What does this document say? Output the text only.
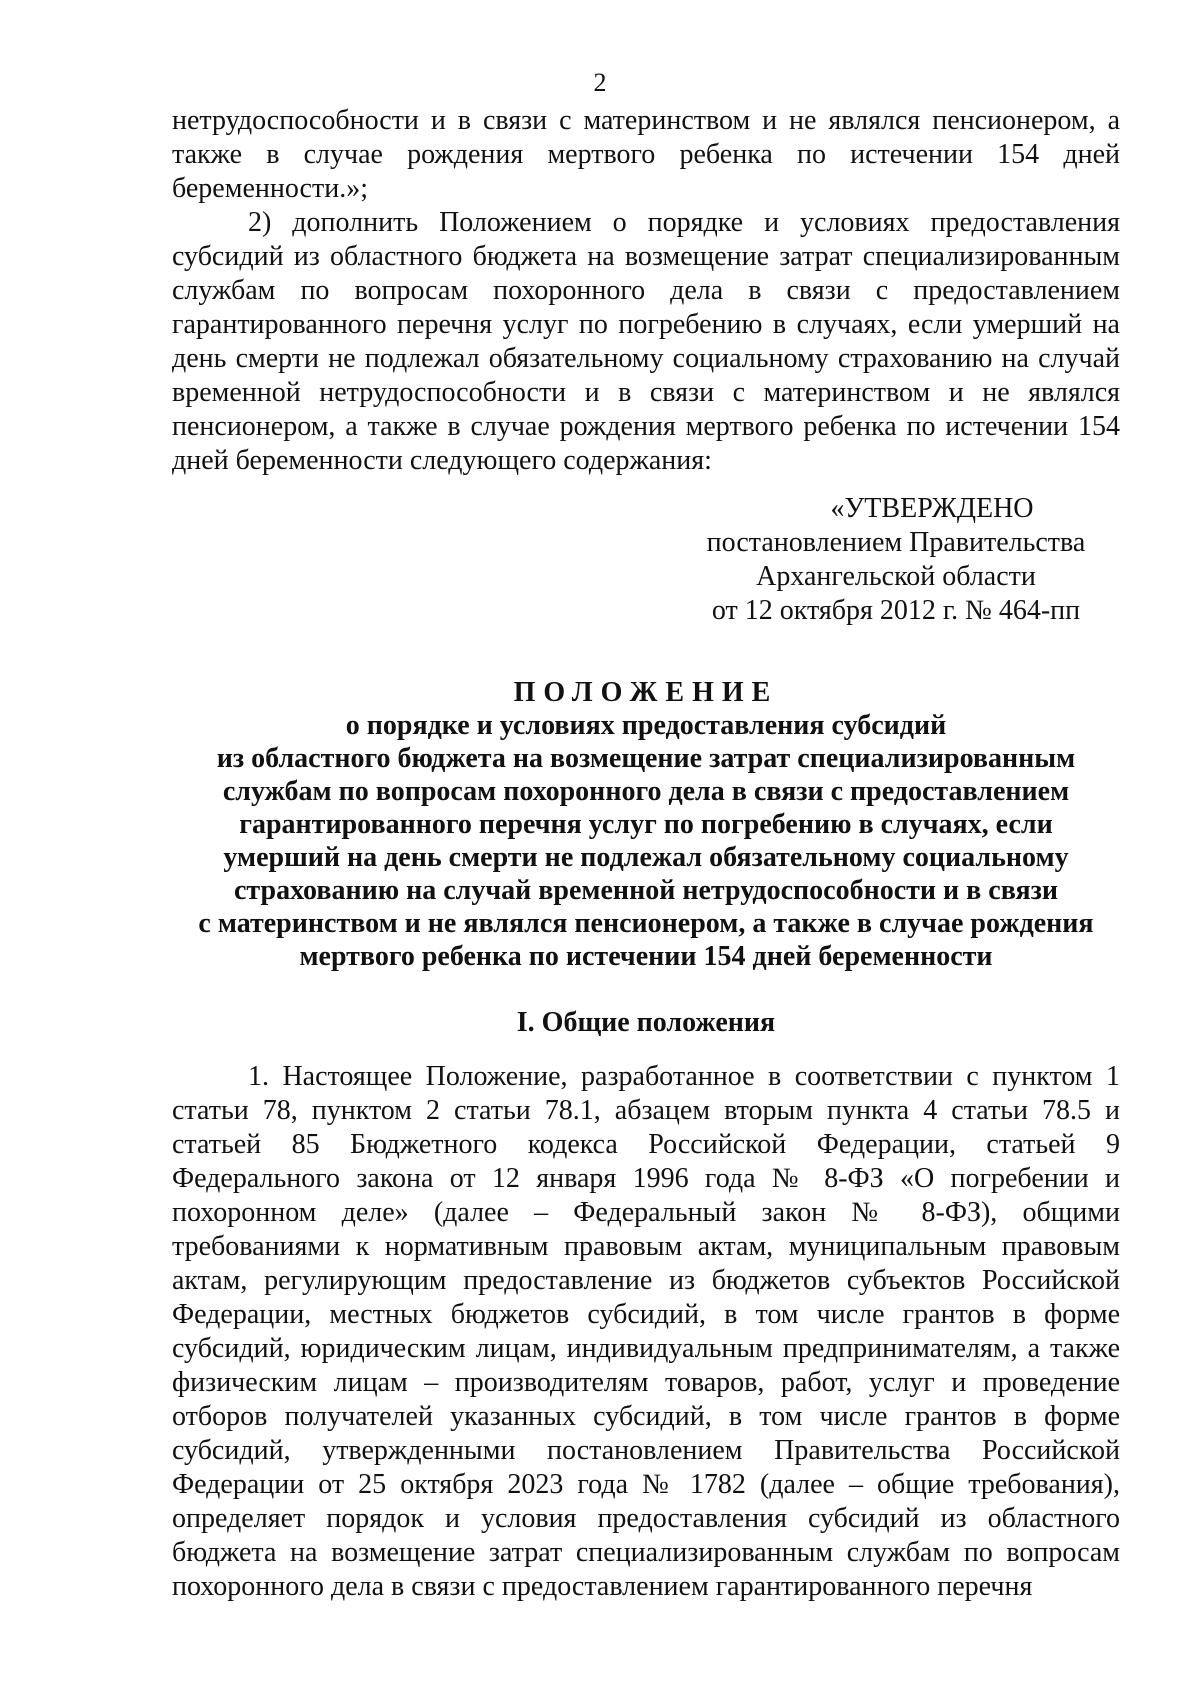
2

нетрудоспособности и в связи с материнством и не являлся пенсионером, а также в случае рождения мертвого ребенка по истечении 154 дней беременности.»;

2) дополнить Положением о порядке и условиях предоставления субсидий из областного бюджета на возмещение затрат специализированным службам по вопросам похоронного дела в связи с предоставлением гарантированного перечня услуг по погребению в случаях, если умерший на день смерти не подлежал обязательному социальному страхованию на случай временной нетрудоспособности и в связи с материнством и не являлся пенсионером, а также в случае рождения мертвого ребенка по истечении 154 дней беременности следующего содержания:

«УТВЕРЖДЕНО
постановлением Правительства
Архангельской области
от 12 октября 2012 г. № 464-пп
ПОЛОЖЕНИЕ
о порядке и условиях предоставления субсидий
из областного бюджета на возмещение затрат специализированным
службам по вопросам похоронного дела в связи с предоставлением
гарантированного перечня услуг по погребению в случаях, если
умерший на день смерти не подлежал обязательному социальному
страхованию на случай временной нетрудоспособности и в связи
с материнством и не являлся пенсионером, а также в случае рождения
мертвого ребенка по истечении 154 дней беременности
I. Общие положения

1. Настоящее Положение, разработанное в соответствии с пунктом 1 статьи 78, пунктом 2 статьи 78.1, абзацем вторым пункта 4 статьи 78.5 и статьей 85 Бюджетного кодекса Российской Федерации, статьей 9 Федерального закона от 12 января 1996 года № 8-ФЗ «О погребении и похоронном деле» (далее – Федеральный закон № 8-ФЗ), общими требованиями к нормативным правовым актам, муниципальным правовым актам, регулирующим предоставление из бюджетов субъектов Российской Федерации, местных бюджетов субсидий, в том числе грантов в форме субсидий, юридическим лицам, индивидуальным предпринимателям, а также физическим лицам – производителям товаров, работ, услуг и проведение отборов получателей указанных субсидий, в том числе грантов в форме субсидий, утвержденными постановлением Правительства Российской Федерации от 25 октября 2023 года № 1782 (далее – общие требования), определяет порядок и условия предоставления субсидий из областного бюджета на возмещение затрат специализированным службам по вопросам похоронного дела в связи с предоставлением гарантированного перечня
